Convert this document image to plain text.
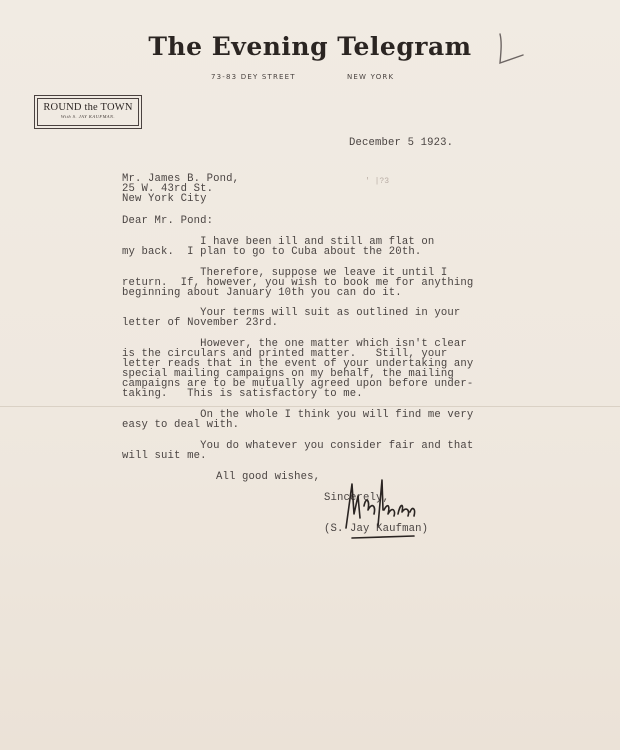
The Evening Telegram
73-83 DEY STREET	NEW YORK
ROUND the TOWN
With S. JAY KAUFMAN.
December 5 1923.
' |?3
Mr. James B. Pond,
25 W. 43rd St.
New York City
Dear Mr. Pond:
I have been ill and still am flat on
my back.  I plan to go to Cuba about the 20th.
Therefore, suppose we leave it until I
return.  If, however, you wish to book me for anything
beginning about January 10th you can do it.
Your terms will suit as outlined in your
letter of November 23rd.
However, the one matter which isn't clear
is the circulars and printed matter.   Still, your
letter reads that in the event of your undertaking any
special mailing campaigns on my behalf, the mailing
campaigns are to be mutually agreed upon before under-
taking.   This is satisfactory to me.
On the whole I think you will find me very
easy to deal with.
You do whatever you consider fair and that
will suit me.
All good wishes,
Sincerely,
(S. Jay Kaufman)
